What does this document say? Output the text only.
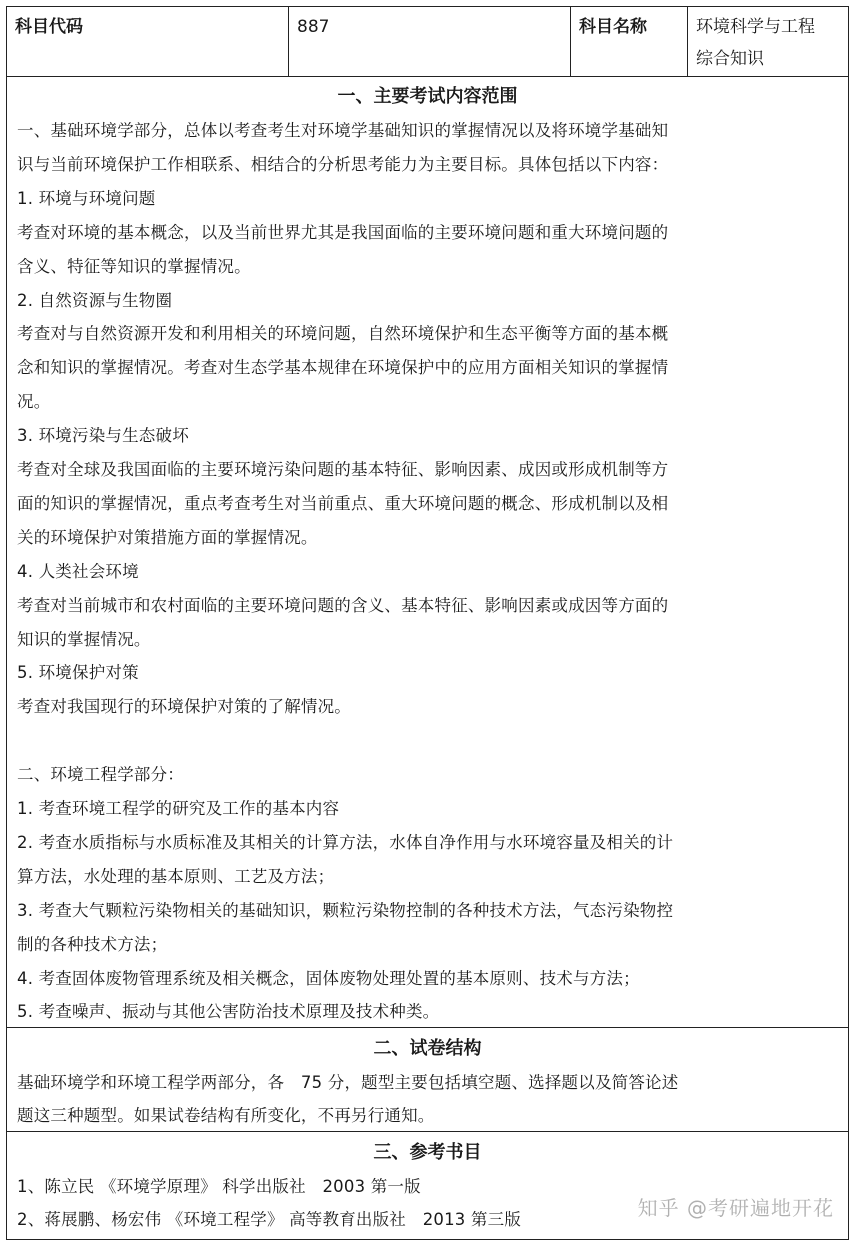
科目代码	887	科目名称	环境科学与工程
综合知识
一、主要考试内容范围
一、基础环境学部分，总体以考查考生对环境学基础知识的掌握情况以及将环境学基础知
识与当前环境保护工作相联系、相结合的分析思考能力为主要目标。具体包括以下内容：
1. 环境与环境问题
考查对环境的基本概念，以及当前世界尤其是我国面临的主要环境问题和重大环境问题的
含义、特征等知识的掌握情况。
2. 自然资源与生物圈
考查对与自然资源开发和利用相关的环境问题，自然环境保护和生态平衡等方面的基本概
念和知识的掌握情况。考查对生态学基本规律在环境保护中的应用方面相关知识的掌握情
况。
3. 环境污染与生态破坏
考查对全球及我国面临的主要环境污染问题的基本特征、影响因素、成因或形成机制等方
面的知识的掌握情况，重点考查考生对当前重点、重大环境问题的概念、形成机制以及相
关的环境保护对策措施方面的掌握情况。
4. 人类社会环境
考查对当前城市和农村面临的主要环境问题的含义、基本特征、影响因素或成因等方面的
知识的掌握情况。
5. 环境保护对策
考查对我国现行的环境保护对策的了解情况。
二、环境工程学部分：
1. 考查环境工程学的研究及工作的基本内容
2. 考查水质指标与水质标准及其相关的计算方法，水体自净作用与水环境容量及相关的计
算方法，水处理的基本原则、工艺及方法；
3. 考查大气颗粒污染物相关的基础知识，颗粒污染物控制的各种技术方法，气态污染物控
制的各种技术方法；
4. 考查固体废物管理系统及相关概念，固体废物处理处置的基本原则、技术与方法；
5. 考查噪声、振动与其他公害防治技术原理及技术种类。
二、试卷结构
基础环境学和环境工程学两部分，各　75 分，题型主要包括填空题、选择题以及简答论述
题这三种题型。如果试卷结构有所变化，不再另行通知。
三、参考书目
1、陈立民 《环境学原理》 科学出版社　2003 第一版
2、蒋展鹏、杨宏伟 《环境工程学》 高等教育出版社　2013 第三版	知乎 @考研遍地开花
